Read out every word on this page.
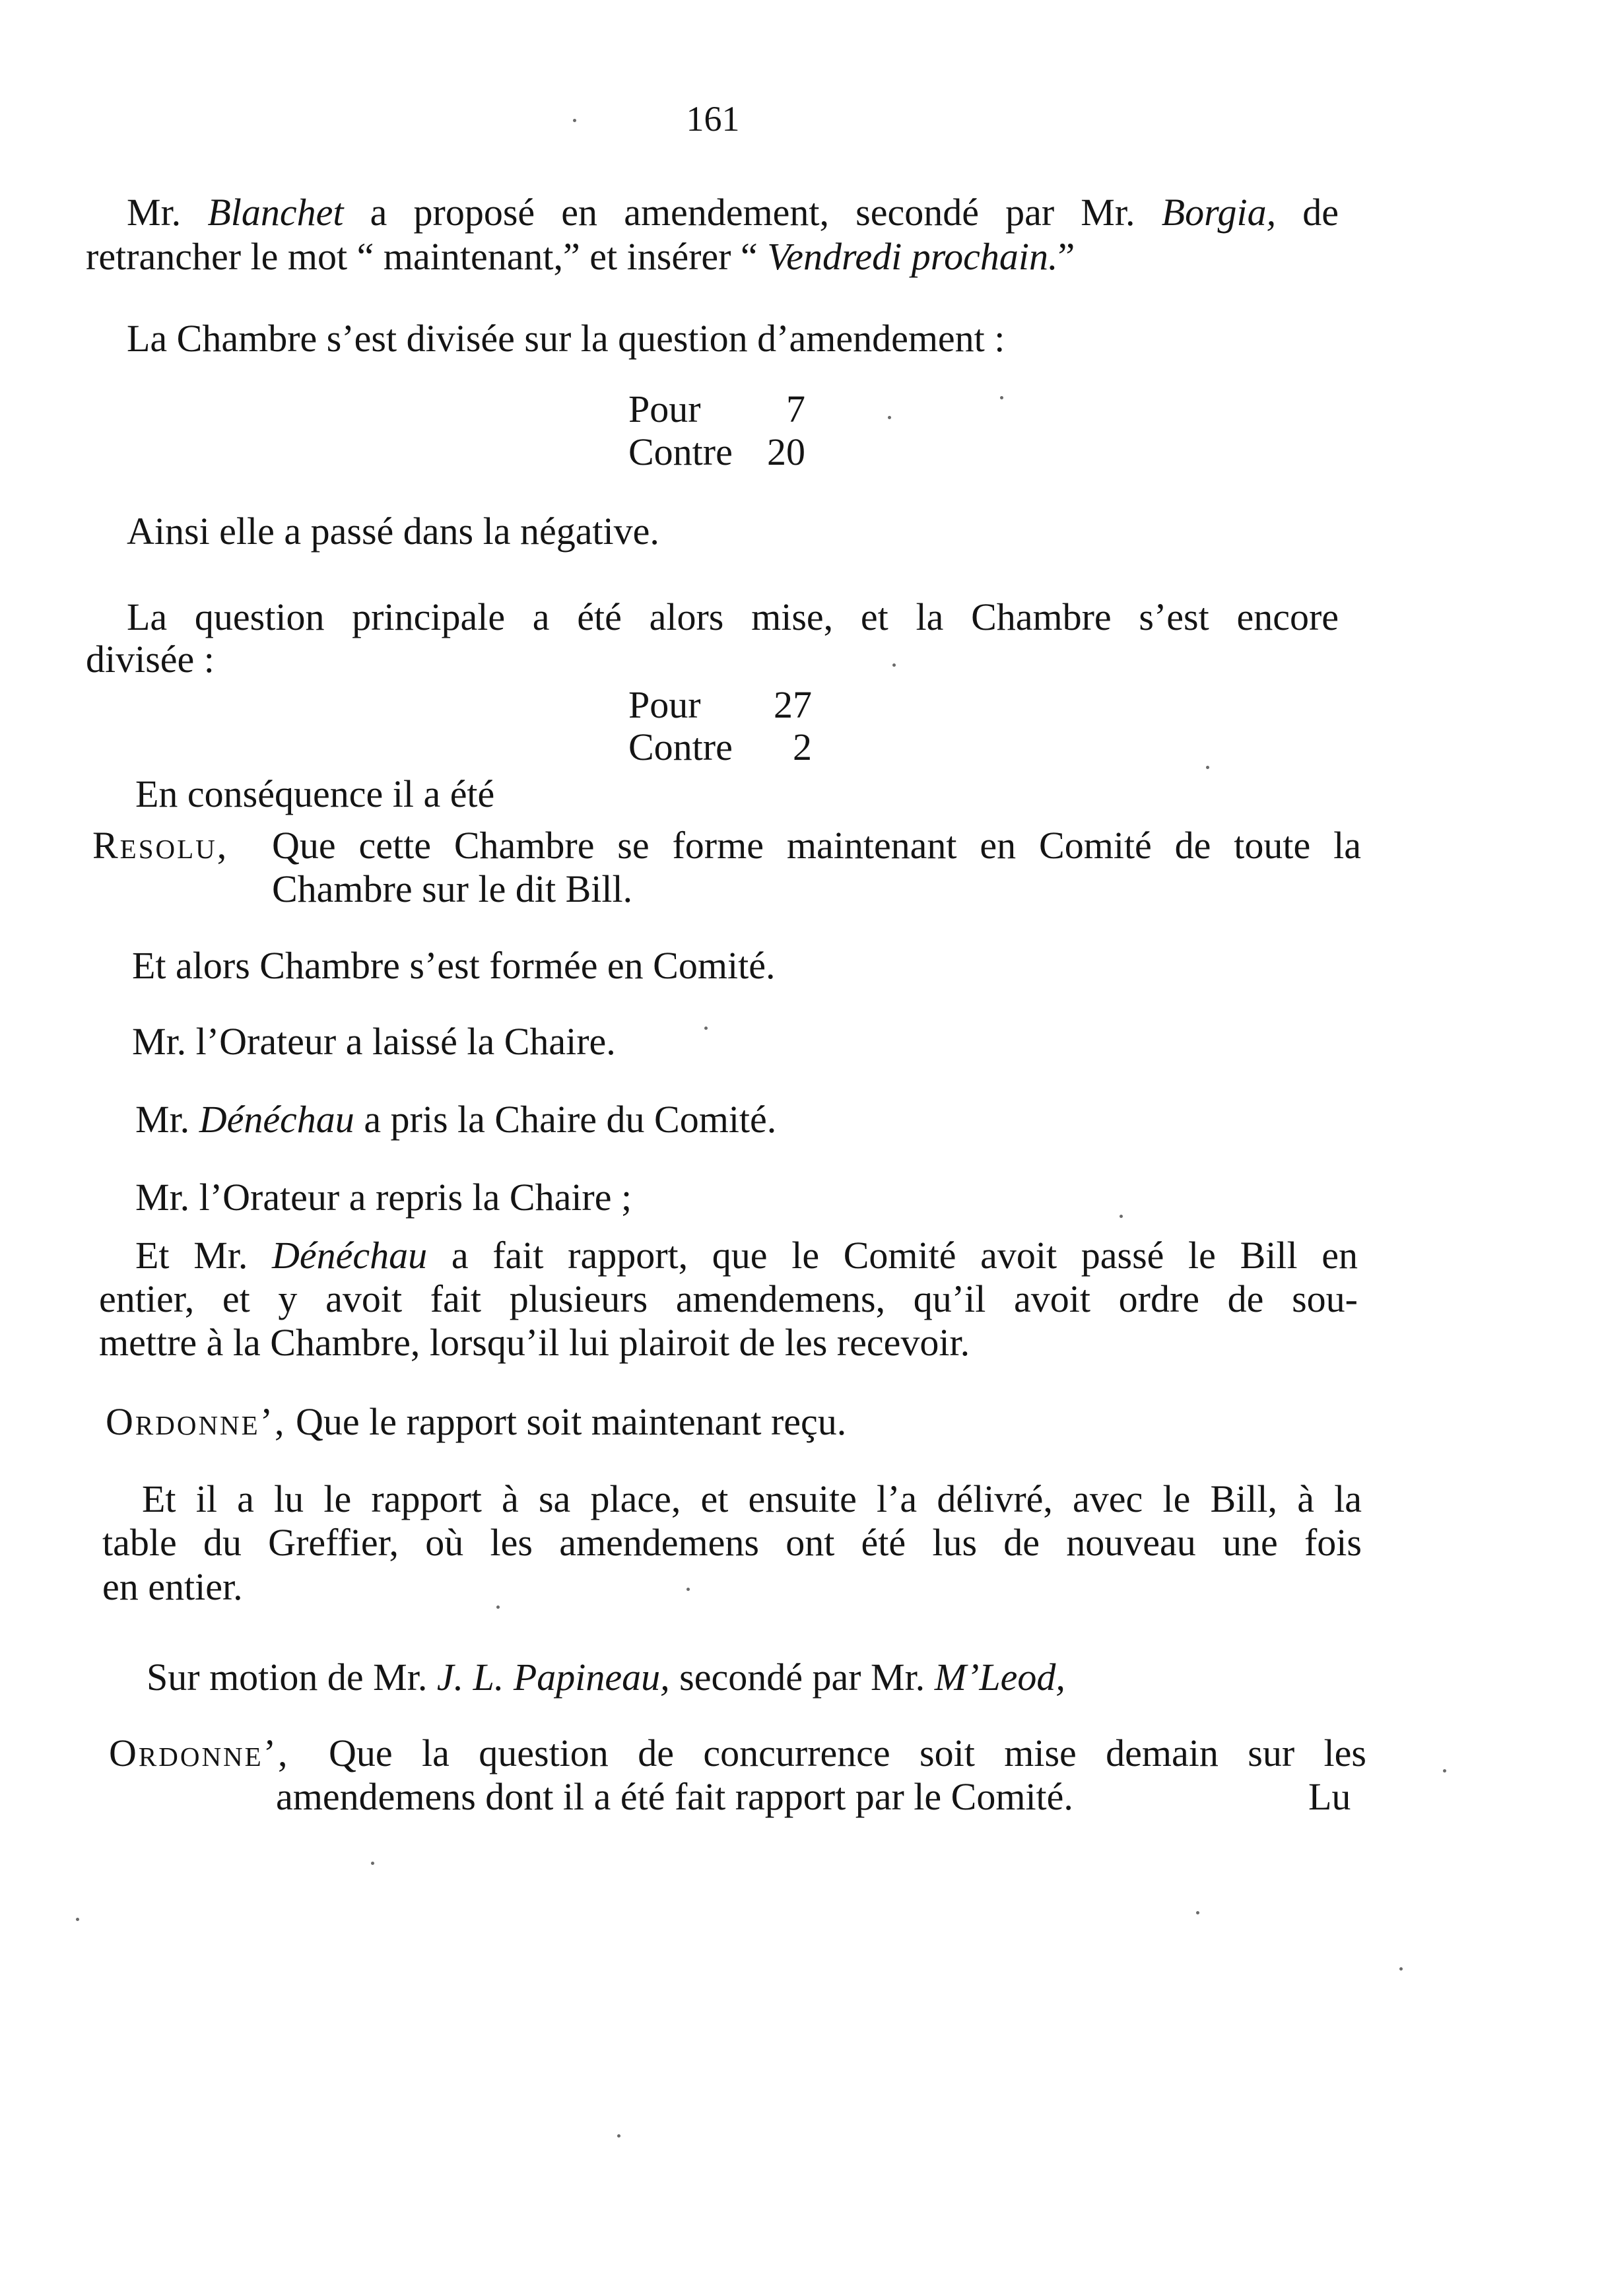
161
Mr. Blanchet a proposé en amendement, secondé par Mr. Borgia, de
retrancher le mot “ maintenant,” et insérer “ Vendredi prochain.”
La Chambre s’est divisée sur la question d’amendement :
Pour	7
Contre 20
Ainsi elle a passé dans la négative.
La question principale a été alors mise, et la Chambre s’est encore
divisée :
Pour	27
Contre	2
En conséquence il a été
Resolu, Que cette Chambre se forme maintenant en Comité de toute la
Chambre sur le dit Bill.
Et alors Chambre s’est formée en Comité.
Mr. l’Orateur a laissé la Chaire.
Mr. Dénéchau a pris la Chaire du Comité.
Mr. l’Orateur a repris la Chaire ;
Et Mr. Dénéchau a fait rapport, que le Comité avoit passé le Bill en
entier, et y avoit fait plusieurs amendemens, qu’il avoit ordre de sou-
mettre à la Chambre, lorsqu’il lui plairoit de les recevoir.
Ordonne’, Que le rapport soit maintenant reçu.
Et il a lu le rapport à sa place, et ensuite l’a délivré, avec le Bill, à la
table du Greffier, où les amendemens ont été lus de nouveau une fois
en entier.
Sur motion de Mr. J. L. Papineau, secondé par Mr. M’Leod,
Ordonne’, Que la question de concurrence soit mise demain sur les
amendemens dont il a été fait rapport par le Comité.	Lu
